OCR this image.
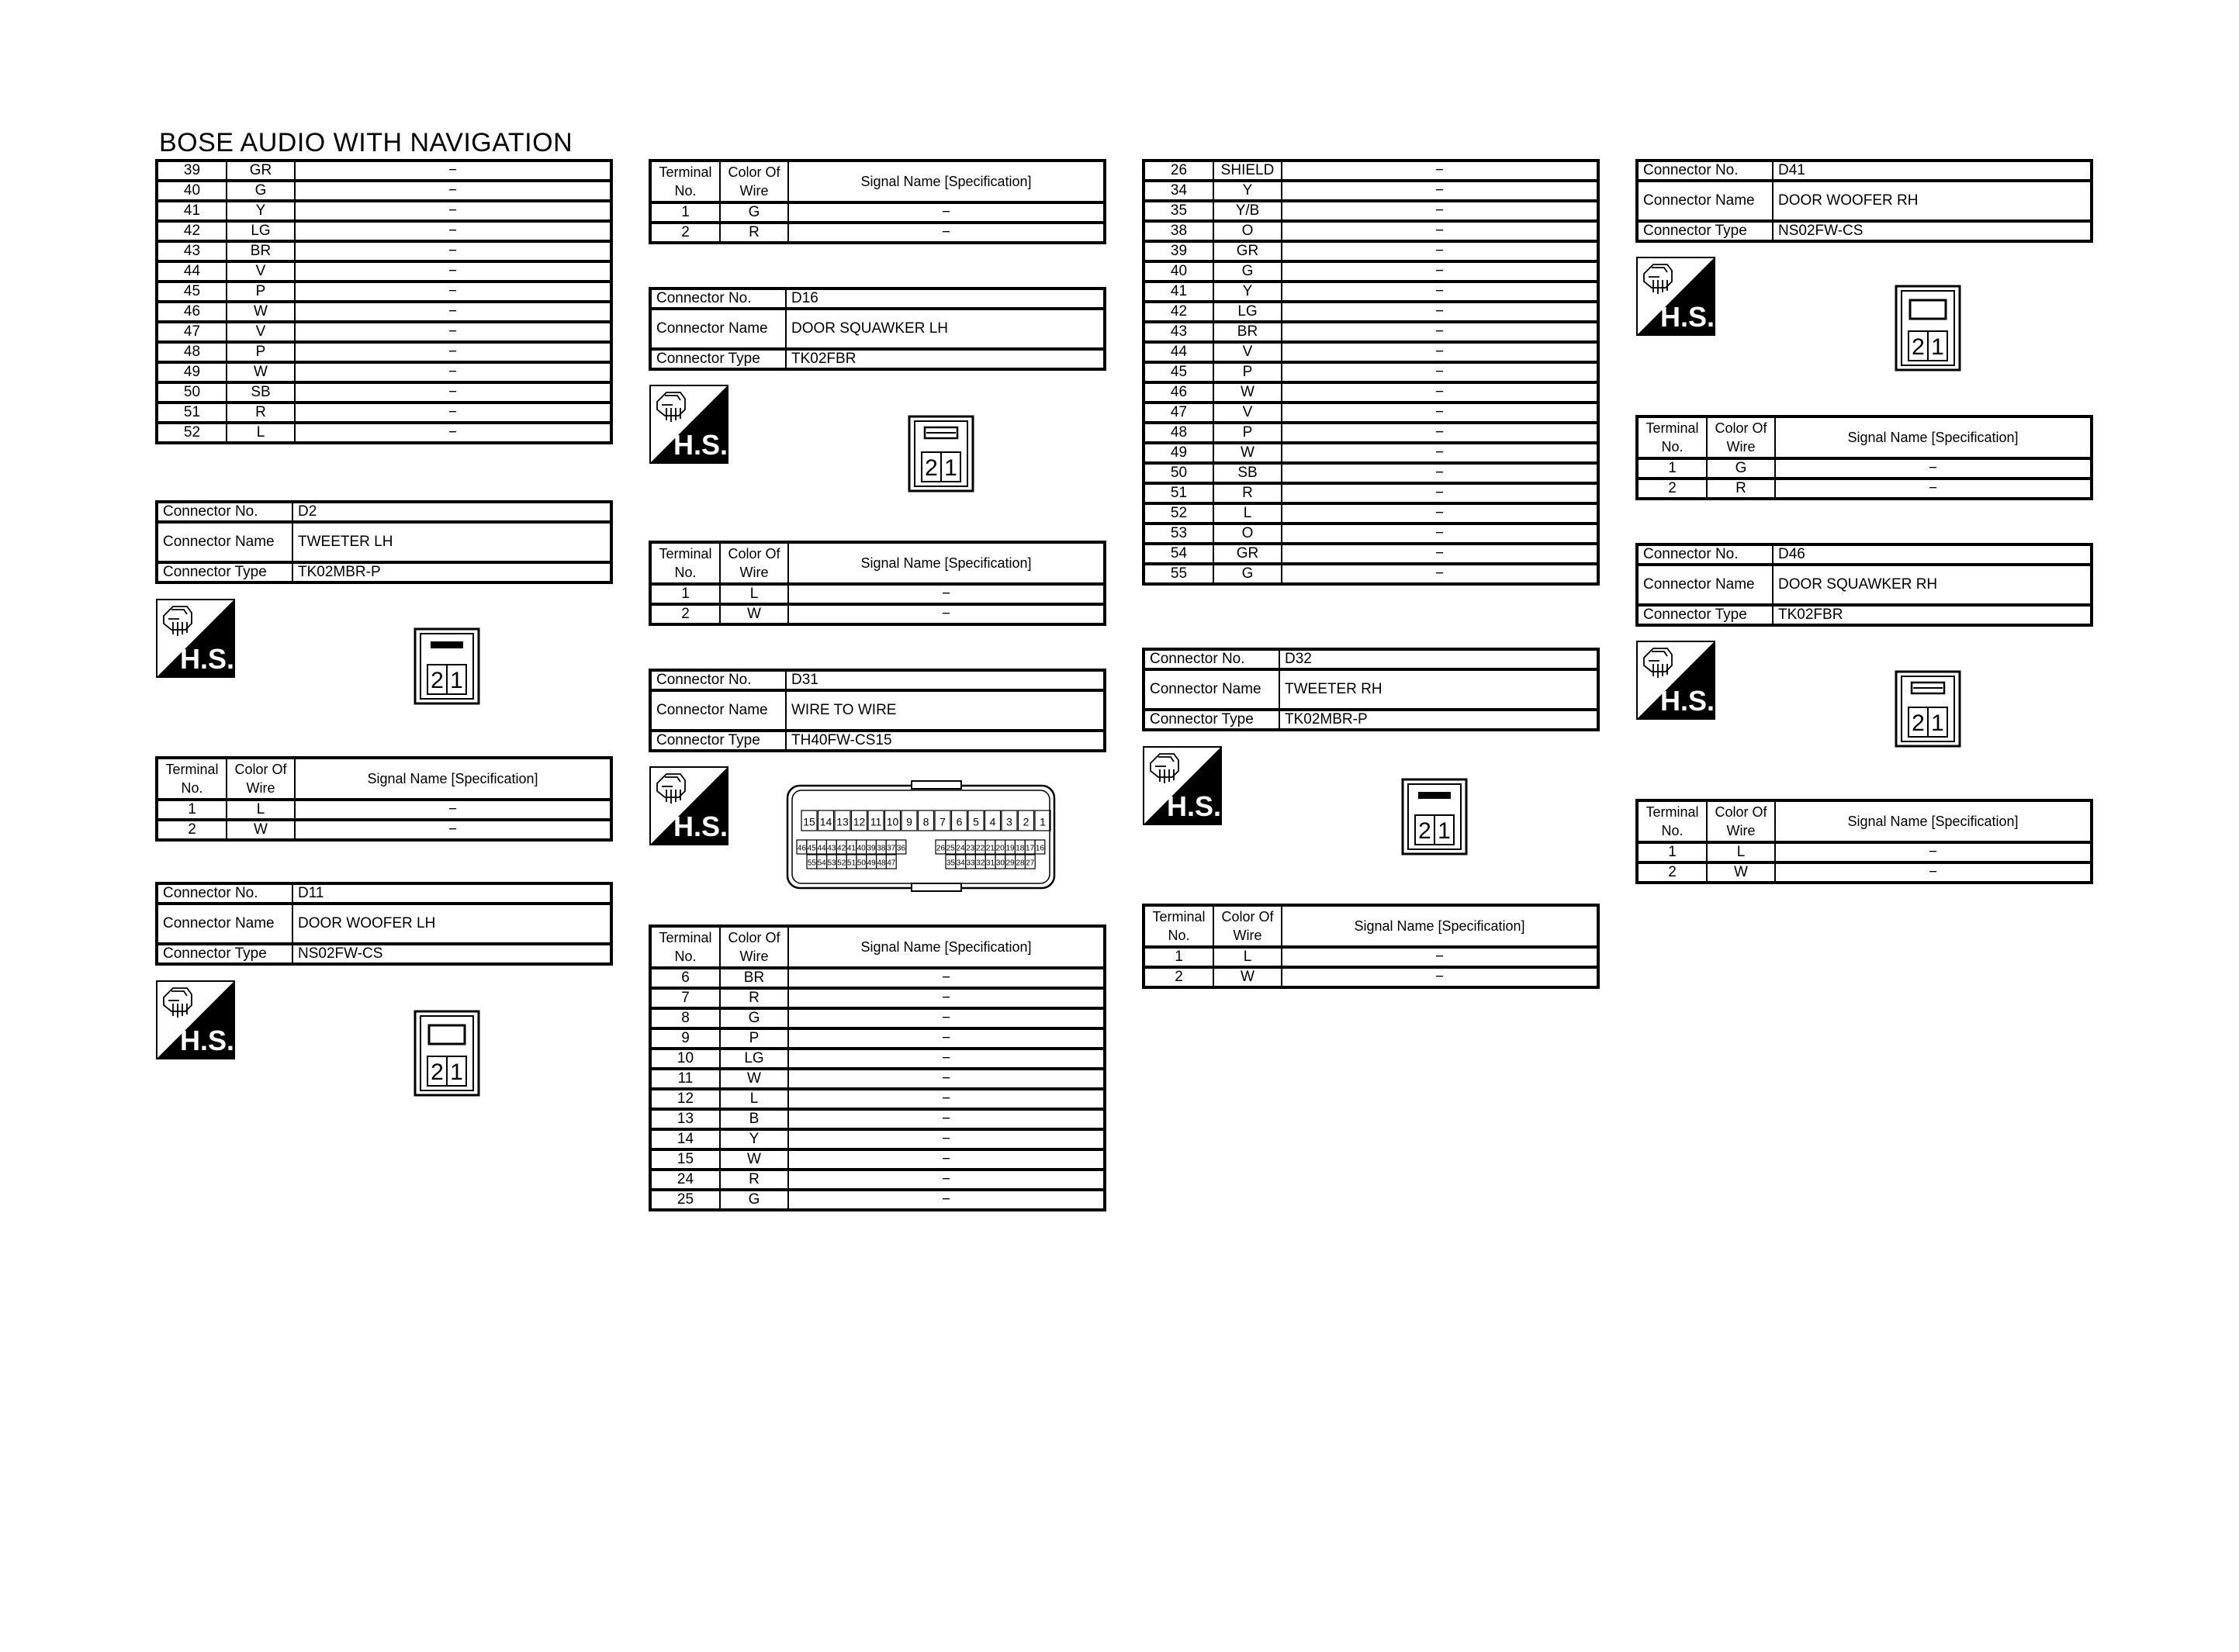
BOSE AUDIO WITH NAVIGATION
39	GR	−
40	G	−
41	Y	−
42	LG	−
43	BR	−
44	V	−
45	P	−
46	W	−
47	V	−
48	P	−
49	W	−
50	SB	−
51	R	−
52	L	−
Connector No.	D2
Connector Name	TWEETER LH
Connector Type	TK02MBR-P
H.S.
2 1
Terminal No.	Color Of Wire	Signal Name [Specification]
1	L	−
2	W	−
Connector No.	D11
Connector Name	DOOR WOOFER LH
Connector Type	NS02FW-CS
H.S.
2 1
Terminal No.	Color Of Wire	Signal Name [Specification]
1	G	−
2	R	−
Connector No.	D16
Connector Name	DOOR SQUAWKER LH
Connector Type	TK02FBR
H.S.
2 1
Terminal No.	Color Of Wire	Signal Name [Specification]
1	L	−
2	W	−
Connector No.	D31
Connector Name	WIRE TO WIRE
Connector Type	TH40FW-CS15
H.S.	15 14 13 12 11 10 9 8 7 6 5 4 3 2 1
46 45 44 43 42 41 40 39 38 37 36	26 25 24 23 22 21 20 19 18 17 16
55 54 53 52 51 50 49 48 47	35 34 33 32 31 30 29 28 27
Terminal No.	Color Of Wire	Signal Name [Specification]
6	BR	−
7	R	−
8	G	−
9	P	−
10	LG	−
11	W	−
12	L	−
13	B	−
14	Y	−
15	W	−
24	R	−
25	G	−
26	SHIELD	−
34	Y	−
35	Y/B	−
38	O	−
39	GR	−
40	G	−
41	Y	−
42	LG	−
43	BR	−
44	V	−
45	P	−
46	W	−
47	V	−
48	P	−
49	W	−
50	SB	−
51	R	−
52	L	−
53	O	−
54	GR	−
55	G	−
Connector No.	D32
Connector Name	TWEETER RH
Connector Type	TK02MBR-P
H.S.
2 1
Terminal No.	Color Of Wire	Signal Name [Specification]
1	L	−
2	W	−
Connector No.	D41
Connector Name	DOOR WOOFER RH
Connector Type	NS02FW-CS
H.S.
2 1
Terminal No.	Color Of Wire	Signal Name [Specification]
1	G	−
2	R	−
Connector No.	D46
Connector Name	DOOR SQUAWKER RH
Connector Type	TK02FBR
H.S.
2 1
Terminal No.	Color Of Wire	Signal Name [Specification]
1	L	−
2	W	−
